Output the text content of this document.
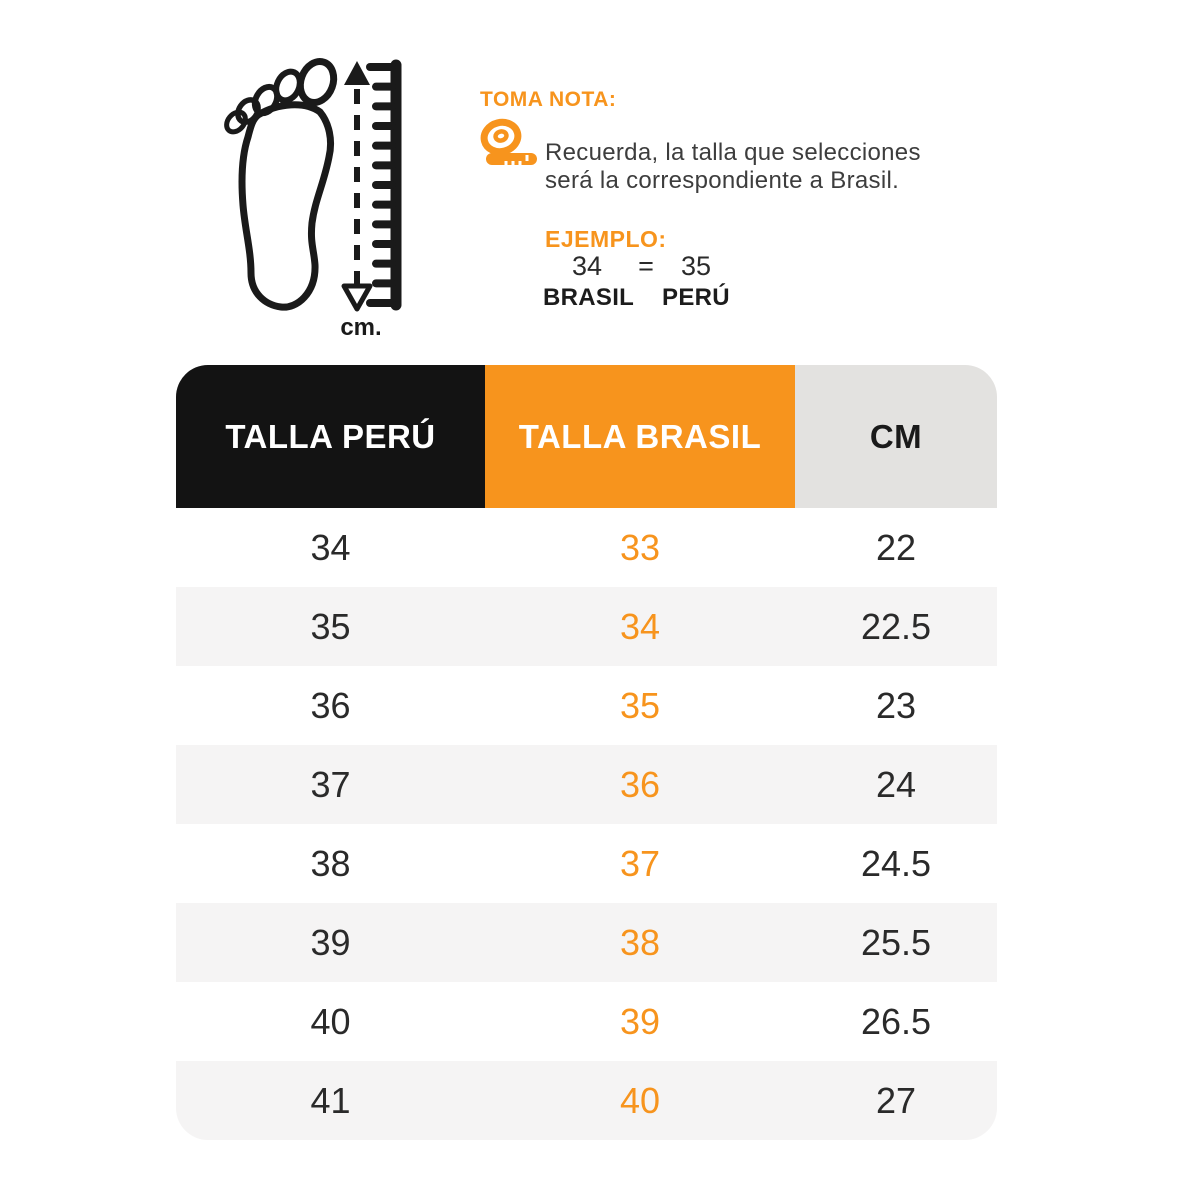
cm.
TOMA NOTA:
Recuerda, la talla que selecciones
será la correspondiente a Brasil.
EJEMPLO:
34	=	35
BRASIL PERÚ
TALLA PERÚ	TALLA BRASIL	CM
34	33	22
35	34	22.5
36	35	23
37	36	24
38	37	24.5
39	38	25.5
40	39	26.5
41	40	27
